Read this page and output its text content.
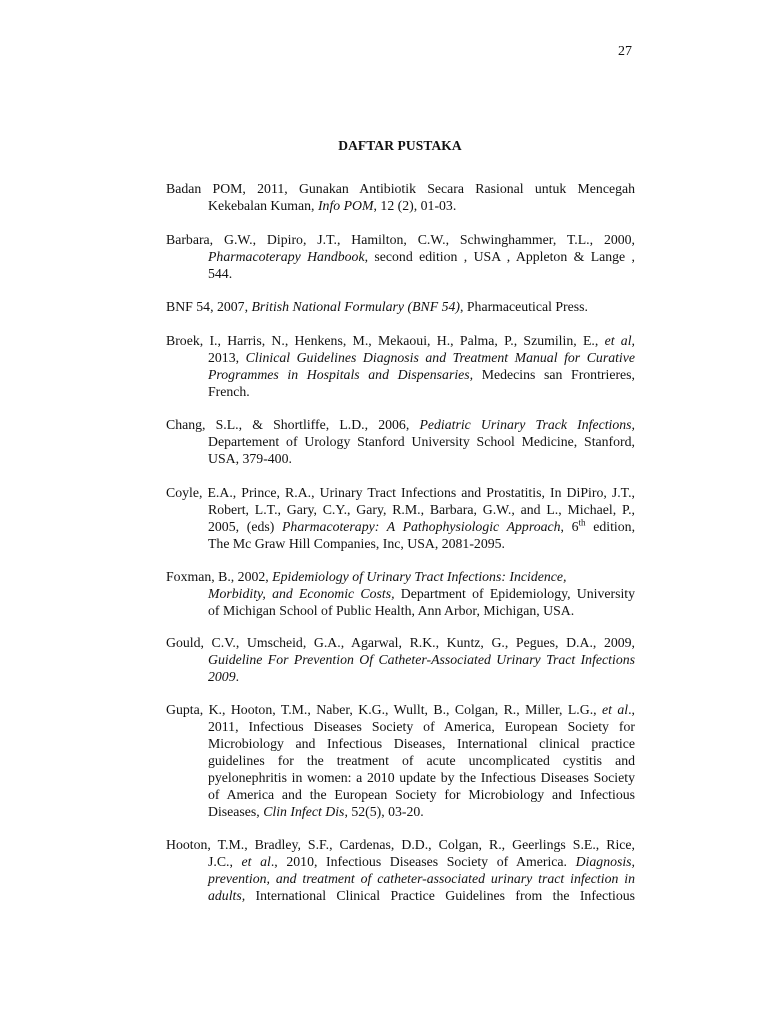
27
DAFTAR PUSTAKA
Badan POM, 2011, Gunakan Antibiotik Secara Rasional untuk Mencegah
Kekebalan Kuman, Info POM, 12 (2), 01-03.
Barbara, G.W., Dipiro, J.T., Hamilton, C.W., Schwinghammer, T.L., 2000,
Pharmacoterapy Handbook, second edition , USA , Appleton & Lange ,
544.
BNF 54, 2007, British National Formulary (BNF 54), Pharmaceutical Press.
Broek, I., Harris, N., Henkens, M., Mekaoui, H., Palma, P., Szumilin, E., et al,
2013, Clinical Guidelines Diagnosis and Treatment Manual for Curative
Programmes in Hospitals and Dispensaries, Medecins san Frontrieres,
French.
Chang, S.L., & Shortliffe, L.D., 2006, Pediatric Urinary Track Infections,
Departement of Urology Stanford University School Medicine, Stanford,
USA, 379-400.
Coyle, E.A., Prince, R.A., Urinary Tract Infections and Prostatitis, In DiPiro, J.T.,
Robert, L.T., Gary, C.Y., Gary, R.M., Barbara, G.W., and L., Michael, P.,
2005, (eds) Pharmacoterapy: A Pathophysiologic Approach, 6th edition,
The Mc Graw Hill Companies, Inc, USA, 2081-2095.
Foxman, B., 2002, Epidemiology of Urinary Tract Infections: Incidence,
Morbidity, and Economic Costs, Department of Epidemiology, University
of Michigan School of Public Health, Ann Arbor, Michigan, USA.
Gould, C.V., Umscheid, G.A., Agarwal, R.K., Kuntz, G., Pegues, D.A., 2009,
Guideline For Prevention Of Catheter-Associated Urinary Tract Infections
2009.
Gupta, K., Hooton, T.M., Naber, K.G., Wullt, B., Colgan, R., Miller, L.G., et al.,
2011, Infectious Diseases Society of America, European Society for
Microbiology and Infectious Diseases, International clinical practice
guidelines for the treatment of acute uncomplicated cystitis and
pyelonephritis in women: a 2010 update by the Infectious Diseases Society
of America and the European Society for Microbiology and Infectious
Diseases, Clin Infect Dis, 52(5), 03-20.
Hooton, T.M., Bradley, S.F., Cardenas, D.D., Colgan, R., Geerlings S.E., Rice,
J.C., et al., 2010, Infectious Diseases Society of America. Diagnosis,
prevention, and treatment of catheter-associated urinary tract infection in
adults, International Clinical Practice Guidelines from the Infectious
